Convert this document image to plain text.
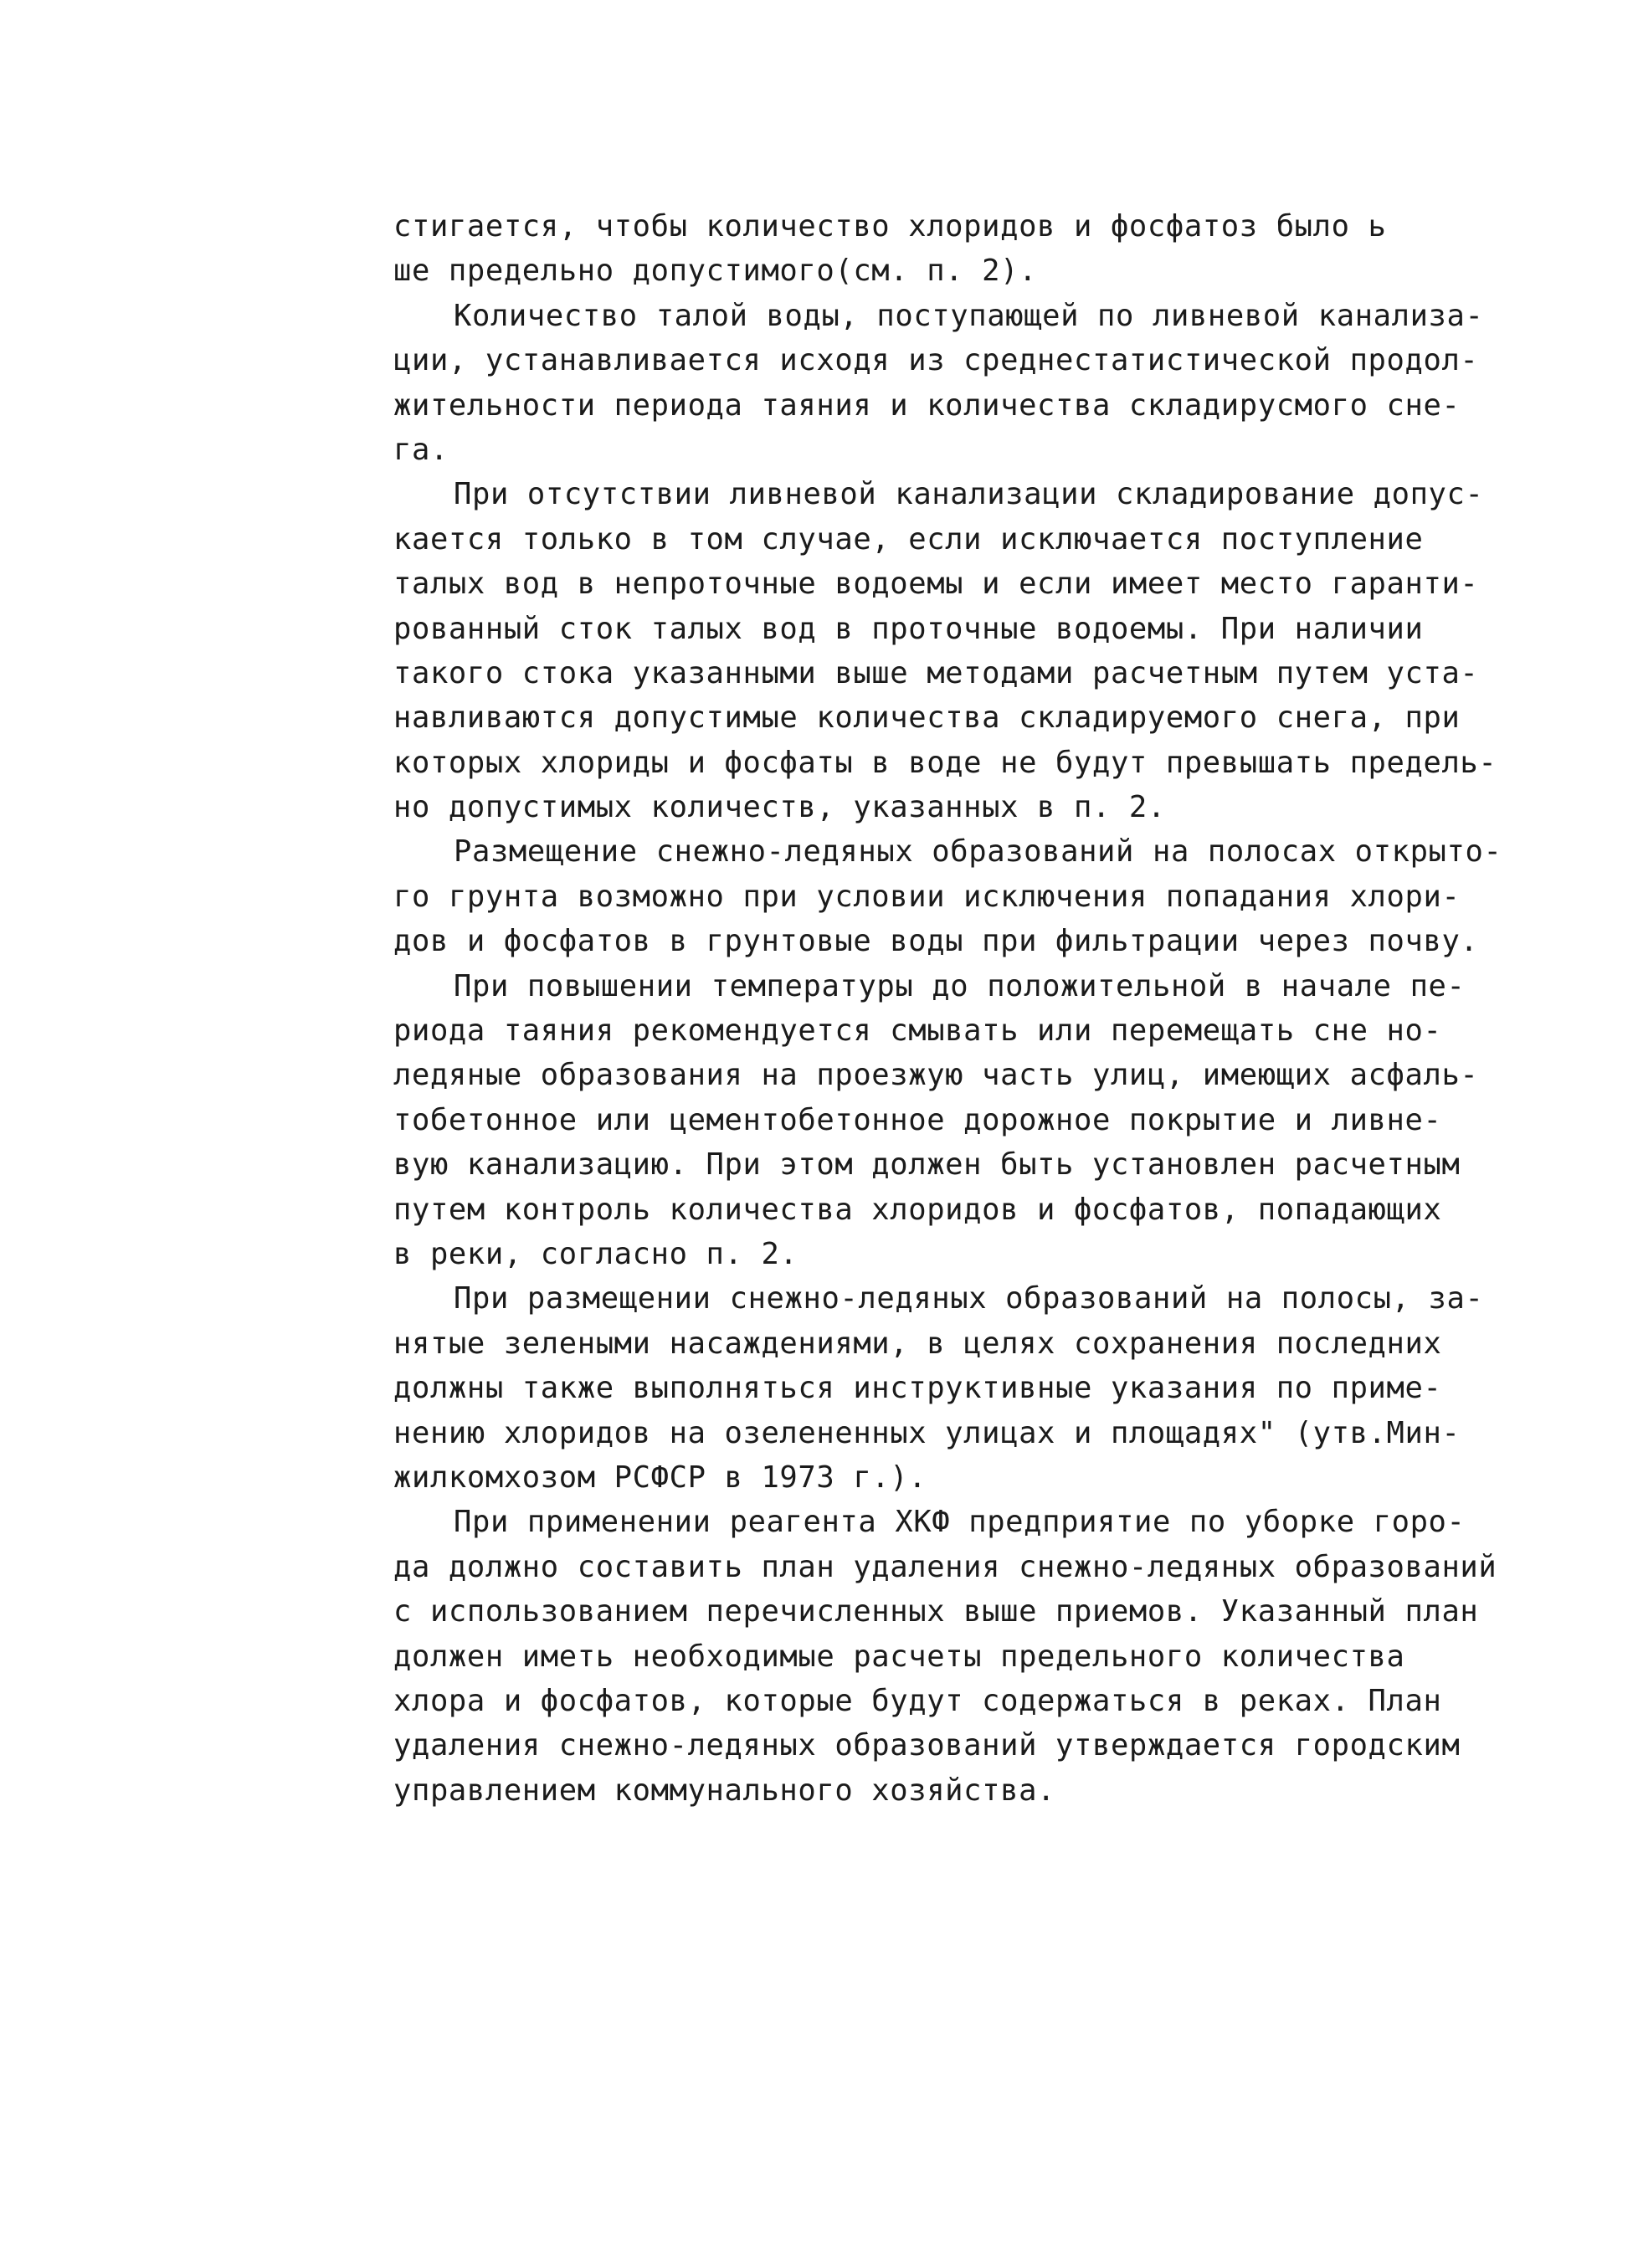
стигается, чтобы количество хлоридов и фосфатоз было ь
ше предельно допустимого(см. п. 2).
Количество талой воды, поступающей по ливневой канализа-
ции, устанавливается исходя из среднестатистической продол-
жительности периода таяния и количества складирусмого сне-
га.
При отсутствии ливневой канализации складирование допус-
кается только в том случае, если исключается поступление
талых вод в непроточные водоемы и если имеет место гаранти-
рованный сток талых вод в проточные водоемы. При наличии
такого стока указанными выше методами расчетным путем уста-
навливаются допустимые количества складируемого снега, при
которых хлориды и фосфаты в воде не будут превышать предель-
но допустимых количеств, указанных в п. 2.
Размещение снежно-ледяных образований на полосах открыто-
го грунта возможно при условии исключения попадания хлори-
дов и фосфатов в грунтовые воды при фильтрации через почву.
При повышении температуры до положительной в начале пе-
риода таяния рекомендуется смывать или перемещать сне но-
ледяные образования на проезжую часть улиц, имеющих асфаль-
тобетонное или цементобетонное дорожное покрытие и ливне-
вую канализацию. При этом должен быть установлен расчетным
путем контроль количества хлоридов и фосфатов, попадающих
в реки, согласно п. 2.
При размещении снежно-ледяных образований на полосы, за-
нятые зелеными насаждениями, в целях сохранения последних
должны также выполняться инструктивные указания по приме-
нению хлоридов на озелененных улицах и площадях" (утв.Мин-
жилкомхозом РСФСР в 1973 г.).
При применении реагента ХКФ предприятие по уборке горо-
да должно составить план удаления снежно-ледяных образований
с использованием перечисленных выше приемов. Указанный план
должен иметь необходимые расчеты предельного количества
хлора и фосфатов, которые будут содержаться в реках. План
удаления снежно-ледяных образований утверждается городским
управлением коммунального хозяйства.
